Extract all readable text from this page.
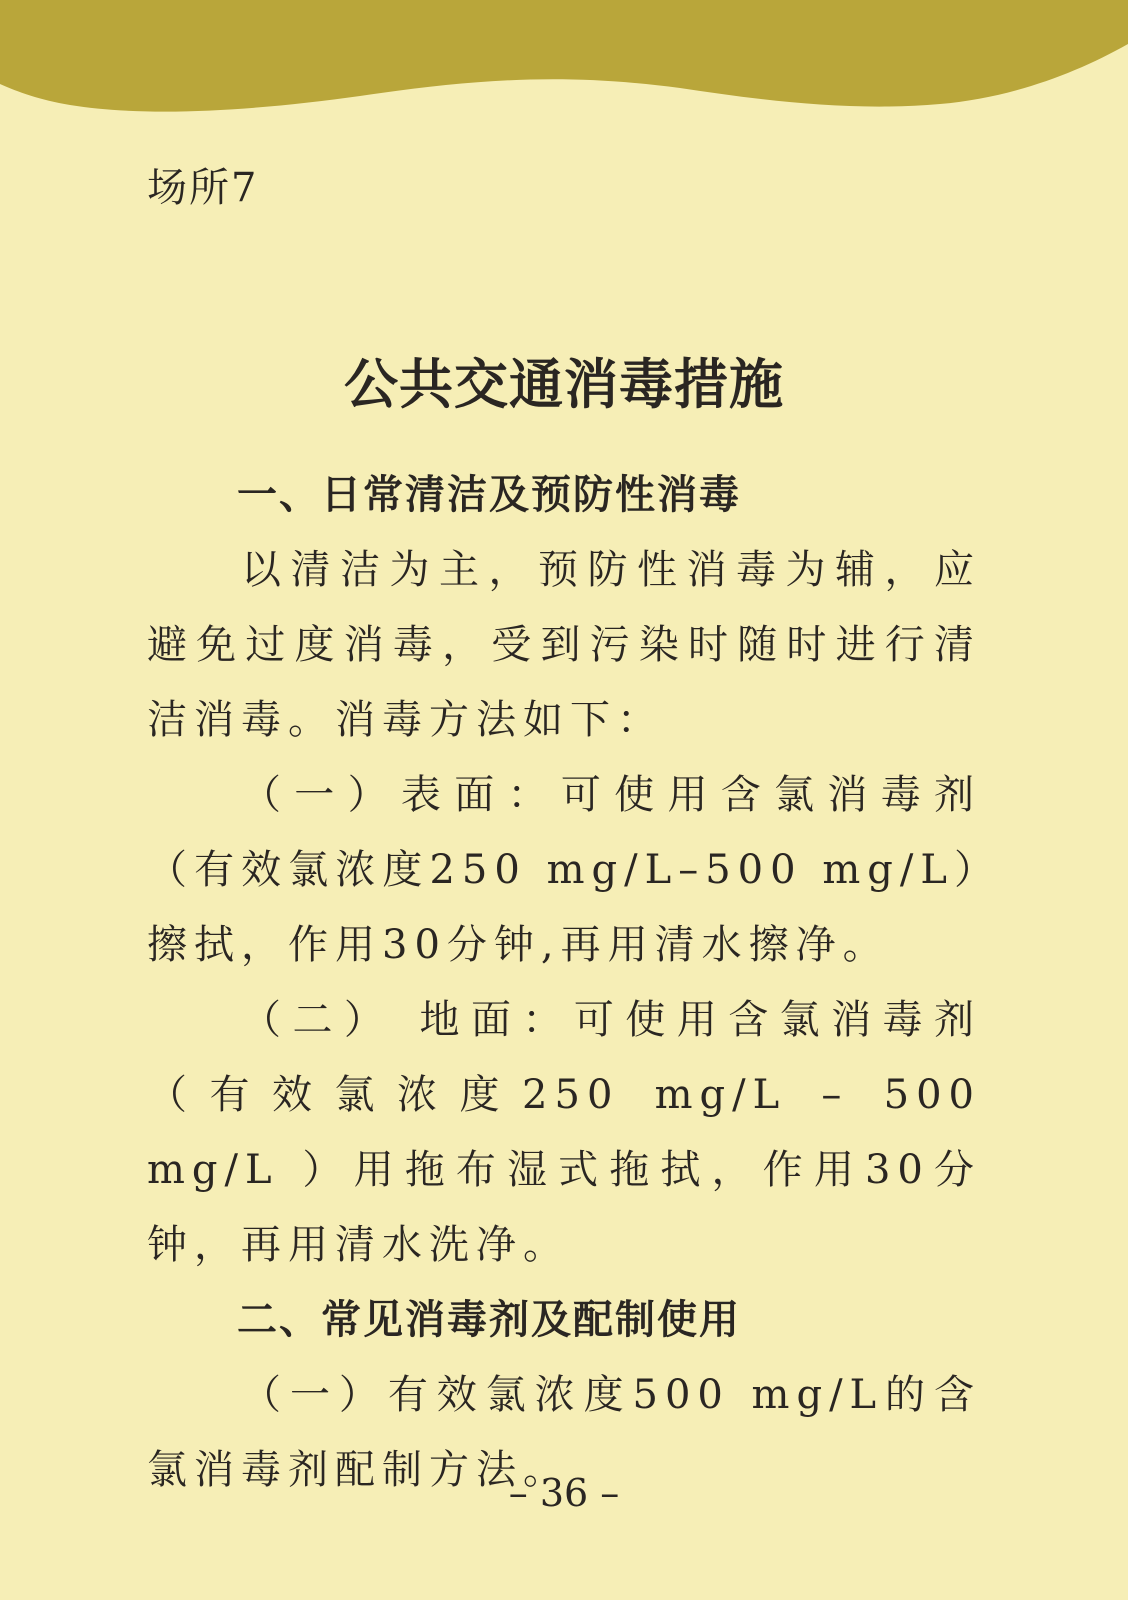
场所7
公共交通消毒措施
一、日常清洁及预防性消毒

以清洁为主，预防性消毒为辅，应避免过度消毒，受到污染时随时进行清洁消毒。消毒方法如下：

（一）表面：可使用含氯消毒剂（有效氯浓度250 mg/L–500 mg/L）擦拭，作用30分钟,再用清水擦净。

（二） 地面：可使用含氯消毒剂（有效氯浓度250 mg/L – 500 mg/L ）用拖布湿式拖拭，作用30分钟，再用清水洗净。

二、常见消毒剂及配制使用

（一）有效氯浓度500 mg/L的含氯消毒剂配制方法。

– 36 –
